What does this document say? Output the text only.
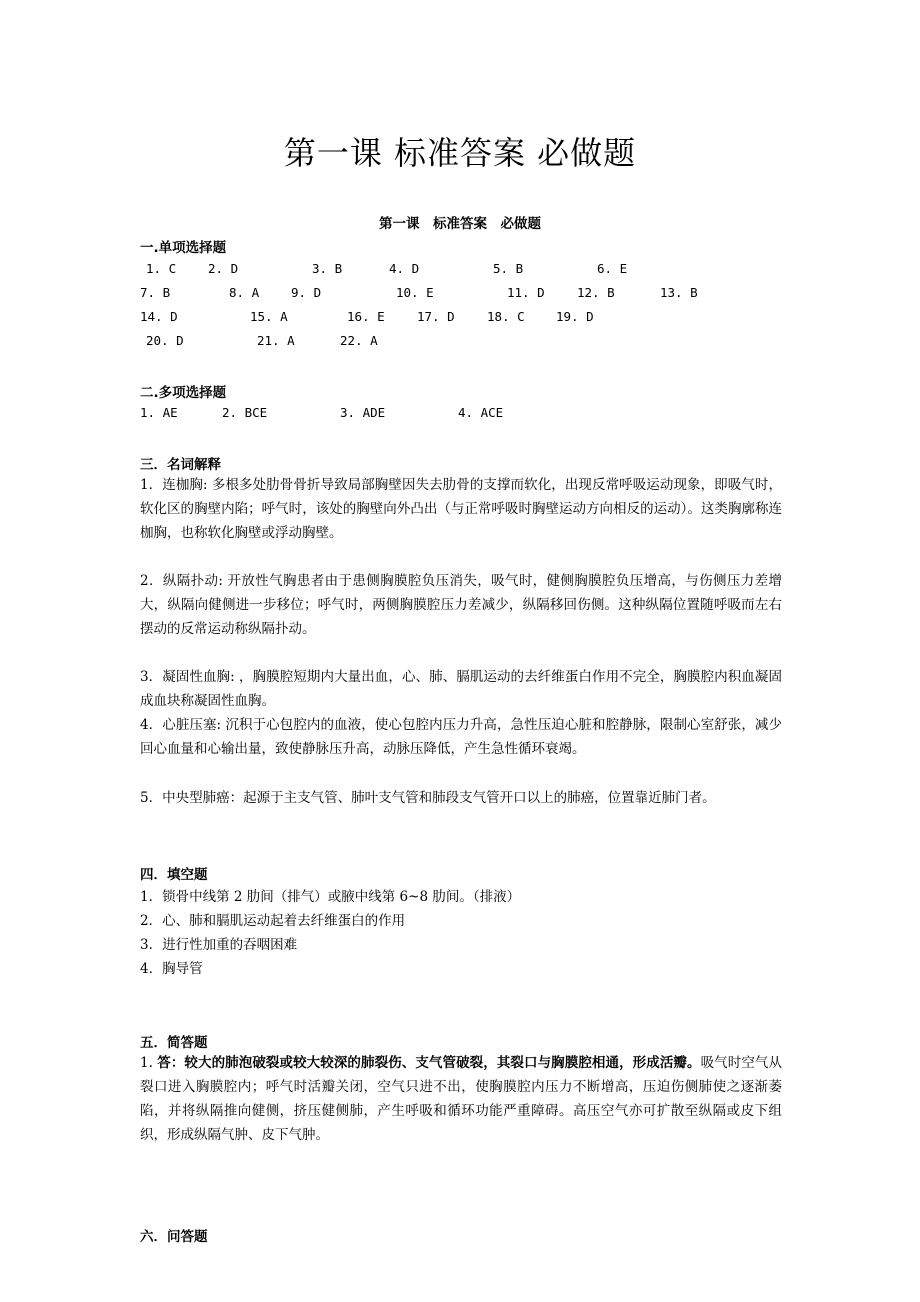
第一课 标准答案 必做题
第一课　标准答案　必做题
一.单项选择题
1. C	2. D	3. B	4. D	5. B	6. E
7. B	8. A	9. D	10. E	11. D	12. B	13. B
14. D	15. A	16. E	17. D	18. C	19. D
20. D	21. A	22. A
二.多项选择题
1. AE	2. BCE	3. ADE	4. ACE
三．名词解释
1．连枷胸: 多根多处肋骨骨折导致局部胸壁因失去肋骨的支撑而软化，出现反常呼吸运动现象，即吸气时，软化区的胸壁内陷；呼气时，该处的胸壁向外凸出（与正常呼吸时胸壁运动方向相反的运动）。这类胸廓称连枷胸，也称软化胸壁或浮动胸壁。
2．纵隔扑动: 开放性气胸患者由于患侧胸膜腔负压消失，吸气时，健侧胸膜腔负压增高，与伤侧压力差增大，纵隔向健侧进一步移位；呼气时，两侧胸膜腔压力差减少，纵隔移回伤侧。这种纵隔位置随呼吸而左右摆动的反常运动称纵隔扑动。
3．凝固性血胸: ，胸膜腔短期内大量出血，心、肺、膈肌运动的去纤维蛋白作用不完全，胸膜腔内积血凝固成血块称凝固性血胸。
4．心脏压塞: 沉积于心包腔内的血液，使心包腔内压力升高，急性压迫心脏和腔静脉，限制心室舒张，减少回心血量和心输出量，致使静脉压升高，动脉压降低，产生急性循环衰竭。
5．中央型肺癌：起源于主支气管、肺叶支气管和肺段支气管开口以上的肺癌，位置靠近肺门者。
四．填空题
1．锁骨中线第 2 肋间（排气）或腋中线第 6~8 肋间。（排液）
2．心、肺和膈肌运动起着去纤维蛋白的作用
3．进行性加重的吞咽困难
4．胸导管
五．简答题
1. 答：较大的肺泡破裂或较大较深的肺裂伤、支气管破裂，其裂口与胸膜腔相通，形成活瓣。吸气时空气从裂口进入胸膜腔内；呼气时活瓣关闭，空气只进不出，使胸膜腔内压力不断增高，压迫伤侧肺使之逐渐萎陷，并将纵隔推向健侧，挤压健侧肺，产生呼吸和循环功能严重障碍。高压空气亦可扩散至纵隔或皮下组织，形成纵隔气肿、皮下气肿。
六．问答题
